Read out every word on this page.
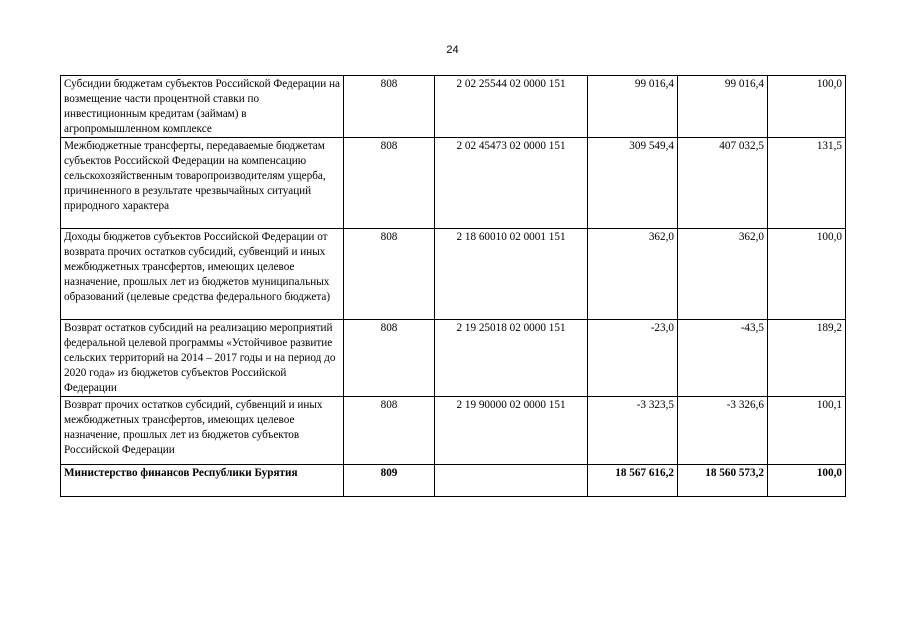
24
Субсидии бюджетам субъектов Российской Федерации на возмещение части процентной ставки по инвестиционным кредитам (займам) в агропромышленном комплексе	808	2 02 25544 02 0000 151	99 016,4	99 016,4	100,0
Межбюджетные трансферты, передаваемые бюджетам субъектов Российской Федерации на компенсацию сельскохозяйственным товаропроизводителям ущерба, причиненного в результате чрезвычайных ситуаций природного характера	808	2 02 45473 02 0000 151	309 549,4	407 032,5	131,5
Доходы бюджетов субъектов Российской Федерации от возврата прочих остатков субсидий, субвенций и иных межбюджетных трансфертов, имеющих целевое назначение, прошлых лет из бюджетов муниципальных образований (целевые средства федерального бюджета)	808	2 18 60010 02 0001 151	362,0	362,0	100,0
Возврат остатков субсидий на реализацию мероприятий федеральной целевой программы «Устойчивое развитие сельских территорий на 2014 – 2017 годы и на период до 2020 года» из бюджетов субъектов Российской Федерации	808	2 19 25018 02 0000 151	-23,0	-43,5	189,2
Возврат прочих остатков субсидий, субвенций и иных межбюджетных трансфертов, имеющих целевое назначение, прошлых лет из бюджетов субъектов Российской Федерации	808	2 19 90000 02 0000 151	-3 323,5	-3 326,6	100,1
Министерство финансов Республики Бурятия	809		18 567 616,2	18 560 573,2	100,0
